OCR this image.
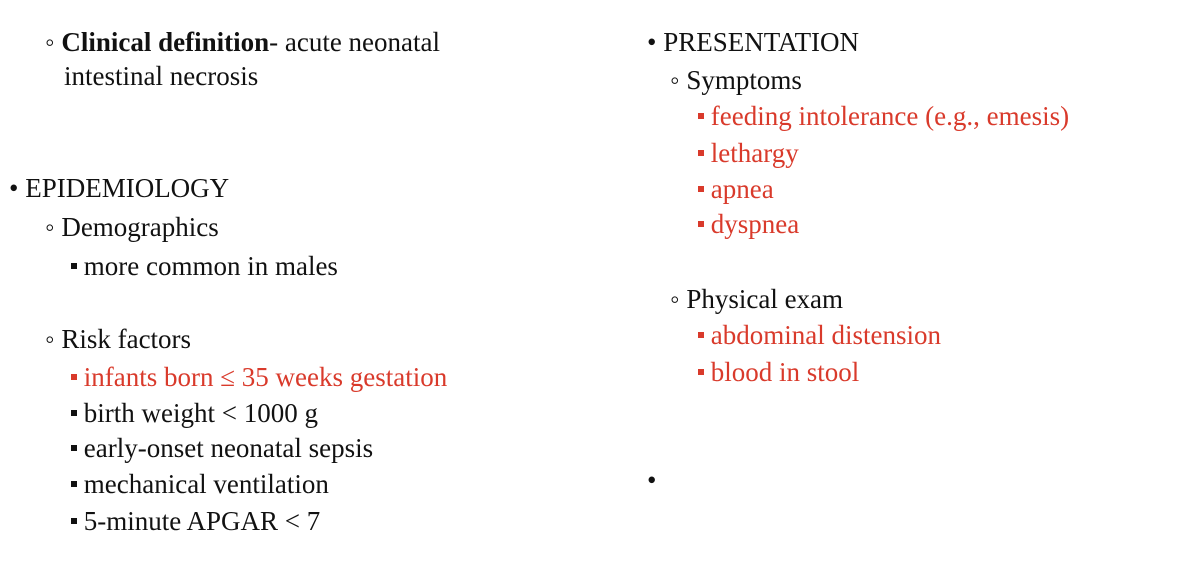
◦ Clinical definition- acute neonatal
intestinal necrosis
• EPIDEMIOLOGY
◦ Demographics
more common in males
◦ Risk factors
infants born ≤ 35 weeks gestation
birth weight < 1000 g
early-onset neonatal sepsis
mechanical ventilation
5-minute APGAR < 7
• PRESENTATION
◦ Symptoms
feeding intolerance (e.g., emesis)
lethargy
apnea
dyspnea
◦ Physical exam
abdominal distension
blood in stool
•
